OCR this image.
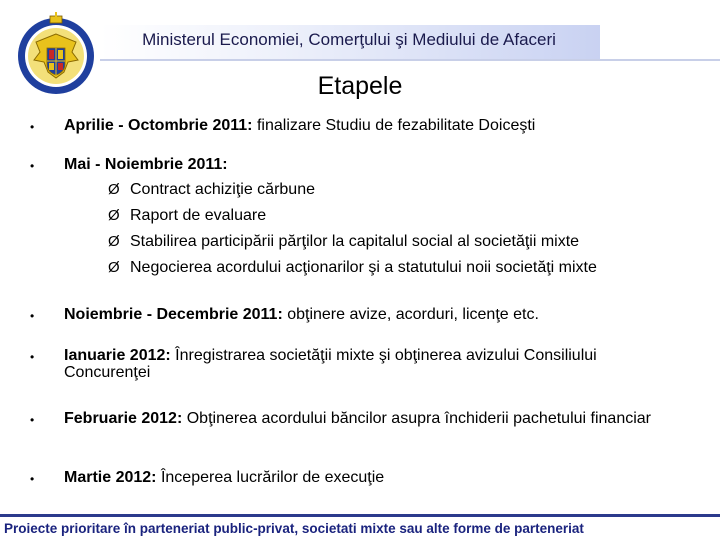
Ministerul Economiei, Comerţului şi Mediului de Afaceri
Etapele
• Aprilie - Octombrie 2011: finalizare Studiu de fezabilitate Doiceşti
• Mai - Noiembrie 2011:
Ø Contract achiziţie cărbune
Ø Raport de evaluare
Ø Stabilirea participării părţilor la capitalul social al societăţii mixte
Ø Negocierea acordului acţionarilor şi a statutului noii societăţi mixte
• Noiembrie - Decembrie 2011: obţinere avize, acorduri, licenţe etc.
• Ianuarie 2012: Înregistrarea societăţii mixte şi obţinerea avizului Consiliului Concurenţei
• Februarie 2012: Obţinerea acordului băncilor asupra închiderii pachetului financiar
• Martie 2012: Începerea lucrărilor de execuţie
Proiecte prioritare în parteneriat public-privat, societati mixte sau alte forme de parteneriat
